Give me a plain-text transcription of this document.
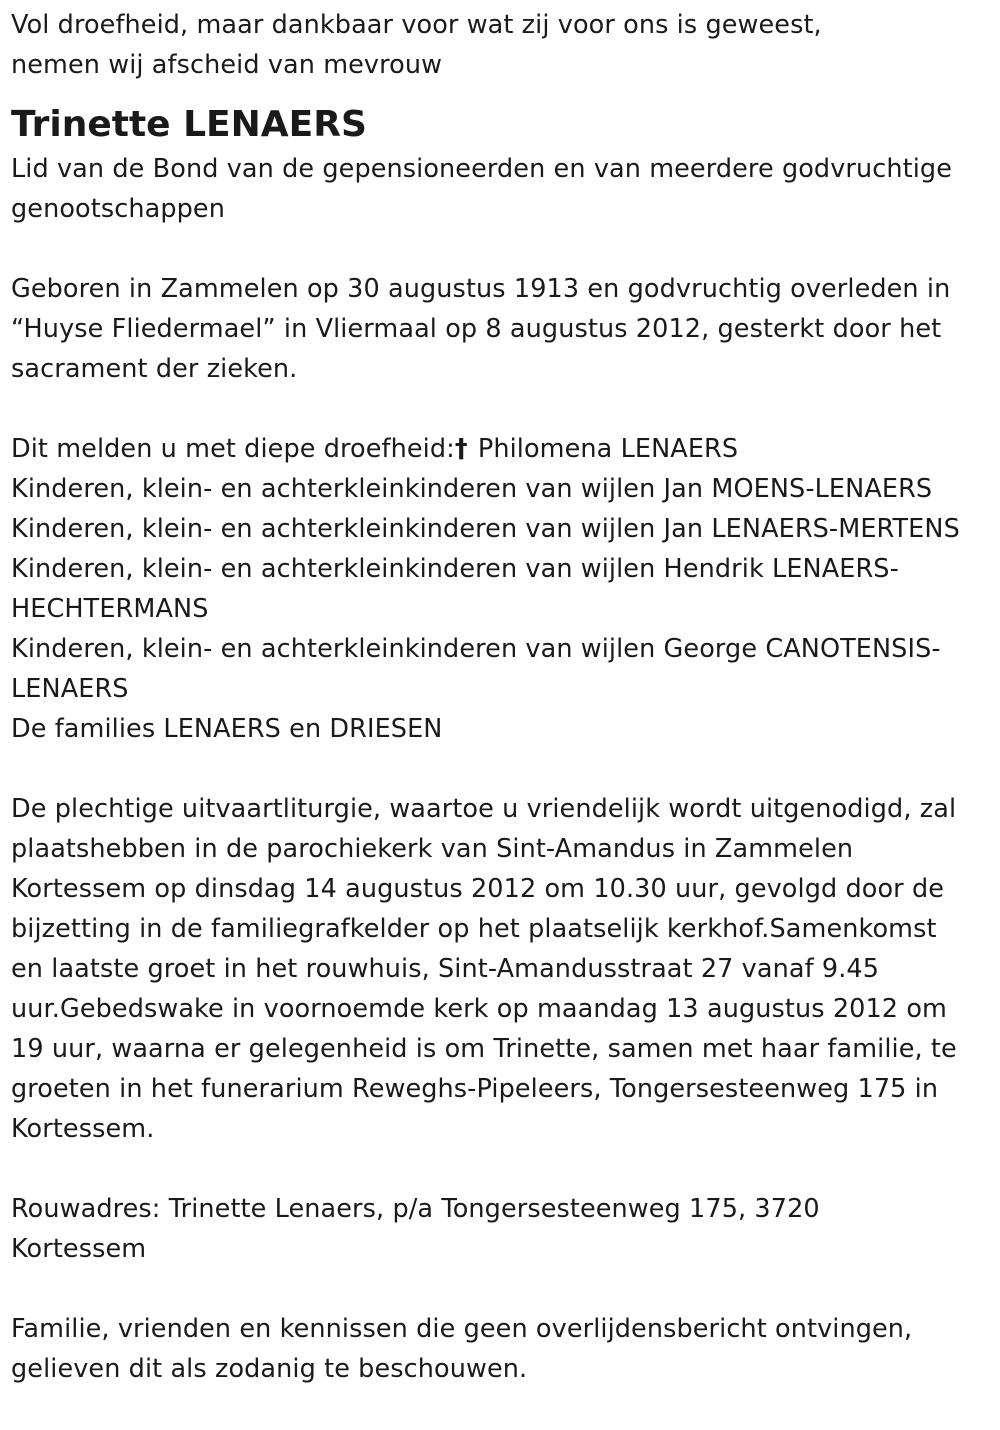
Vol droefheid, maar dankbaar voor wat zij voor ons is geweest,
nemen wij afscheid van mevrouw
Trinette LENAERS
Lid van de Bond van de gepensioneerden en van meerdere godvruchtige
genootschappen
Geboren in Zammelen op 30 augustus 1913 en godvruchtig overleden in
“Huyse Fliedermael” in Vliermaal op 8 augustus 2012, gesterkt door het
sacrament der zieken.
Dit melden u met diepe droefheid:† Philomena LENAERS
Kinderen, klein- en achterkleinkinderen van wijlen Jan MOENS-LENAERS
Kinderen, klein- en achterkleinkinderen van wijlen Jan LENAERS-MERTENS
Kinderen, klein- en achterkleinkinderen van wijlen Hendrik LENAERS-
HECHTERMANS
Kinderen, klein- en achterkleinkinderen van wijlen George CANOTENSIS-
LENAERS
De families LENAERS en DRIESEN
De plechtige uitvaartliturgie, waartoe u vriendelijk wordt uitgenodigd, zal
plaatshebben in de parochiekerk van Sint-Amandus in Zammelen
Kortessem op dinsdag 14 augustus 2012 om 10.30 uur, gevolgd door de
bijzetting in de familiegrafkelder op het plaatselijk kerkhof.Samenkomst
en laatste groet in het rouwhuis, Sint-Amandusstraat 27 vanaf 9.45
uur.Gebedswake in voornoemde kerk op maandag 13 augustus 2012 om
19 uur, waarna er gelegenheid is om Trinette, samen met haar familie, te
groeten in het funerarium Reweghs-Pipeleers, Tongersesteenweg 175 in
Kortessem.
Rouwadres: Trinette Lenaers, p/a Tongersesteenweg 175, 3720
Kortessem
Familie, vrienden en kennissen die geen overlijdensbericht ontvingen,
gelieven dit als zodanig te beschouwen.
